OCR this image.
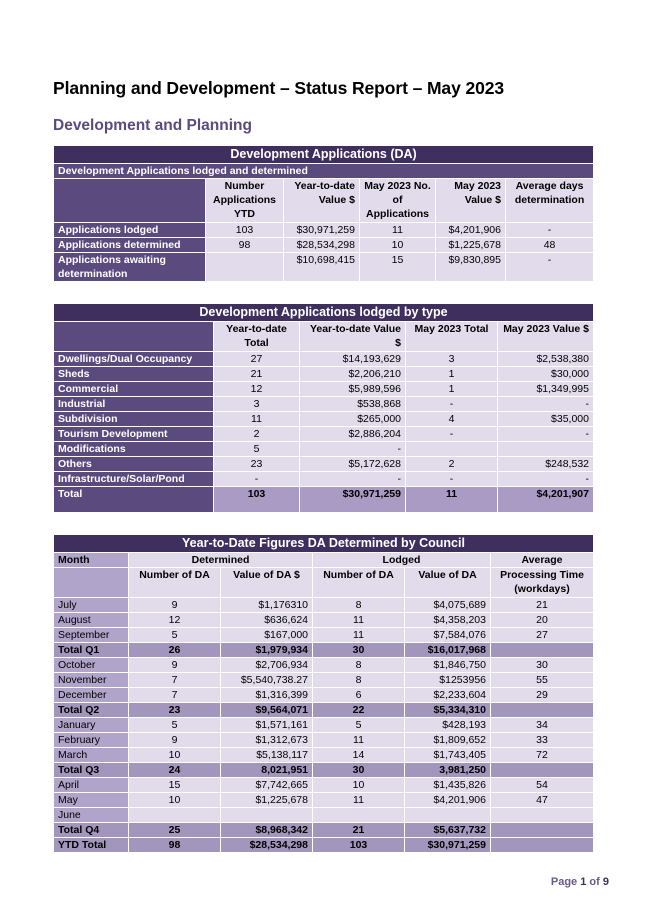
Planning and Development – Status Report – May 2023
Development and Planning
Development Applications (DA)					
Development Applications lodged and determined					
	Number Applications YTD	Year-to-date Value $	May 2023 No. of Applications	May 2023 Value $	Average days determination
Applications lodged	103	$30,971,259	11	$4,201,906	-
Applications determined	98	$28,534,298	10	$1,225,678	48
Applications awaiting determination		$10,698,415	15	$9,830,895	-
Development Applications lodged by type				
	Year-to-date Total	Year-to-date Value $	May 2023 Total	May 2023 Value $
Dwellings/Dual Occupancy	27	$14,193,629	3	$2,538,380
Sheds	21	$2,206,210	1	$30,000
Commercial	12	$5,989,596	1	$1,349,995
Industrial	3	$538,868	-	-
Subdivision	11	$265,000	4	$35,000
Tourism Development	2	$2,886,204	-	-
Modifications	5	-		
Others	23	$5,172,628	2	$248,532
Infrastructure/Solar/Pond	-	-	-	-
Total	103	$30,971,259	11	$4,201,907
Year-to-Date Figures DA Determined by Council					
Month	Determined		Lodged		Average
	Number of DA	Value of DA $	Number of DA	Value of DA	Processing Time (workdays)
July	9	$1,176310	8	$4,075,689	21
August	12	$636,624	11	$4,358,203	20
September	5	$167,000	11	$7,584,076	27
Total Q1	26	$1,979,934	30	$16,017,968	
October	9	$2,706,934	8	$1,846,750	30
November	7	$5,540,738.27	8	$1253956	55
December	7	$1,316,399	6	$2,233,604	29
Total Q2	23	$9,564,071	22	$5,334,310	
January	5	$1,571,161	5	$428,193	34
February	9	$1,312,673	11	$1,809,652	33
March	10	$5,138,117	14	$1,743,405	72
Total Q3	24	8,021,951	30	3,981,250	
April	15	$7,742,665	10	$1,435,826	54
May	10	$1,225,678	11	$4,201,906	47
June					
Total Q4	25	$8,968,342	21	$5,637,732	
YTD Total	98	$28,534,298	103	$30,971,259	
Page 1 of 9
